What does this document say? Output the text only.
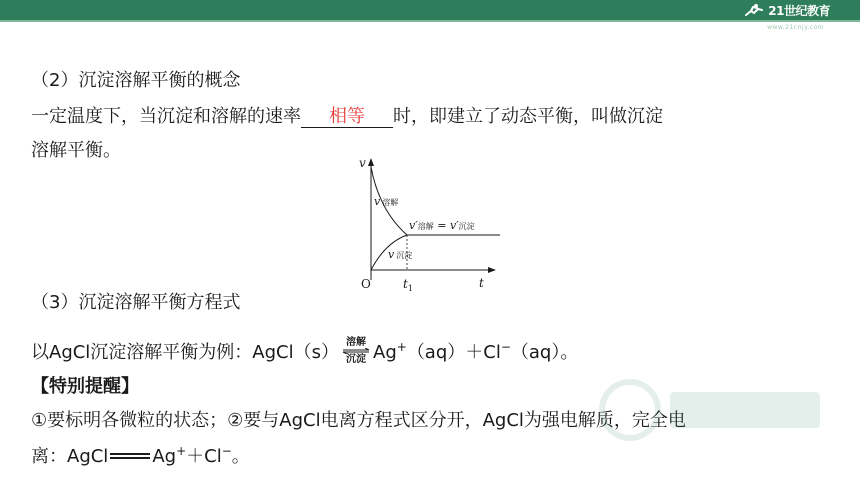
21世纪教育
www.21cnjy.com
（2）沉淀溶解平衡的概念
一定温度下，当沉淀和溶解的速率 相等 时，即建立了动态平衡，叫做沉淀
溶解平衡。
v
t
O	$t_1$
v 溶解
v 沉淀
v′溶解 = v′沉淀
（3）沉淀溶解平衡方程式
以AgCl沉淀溶解平衡为例：AgCl（s） 溶解
沉淀 Ag+（aq）＋Cl−（aq）。
【特别提醒】
①要标明各微粒的状态；②要与AgCl电离方程式区分开，AgCl为强电解质，完全电
离：AgCl Ag+＋Cl−。
